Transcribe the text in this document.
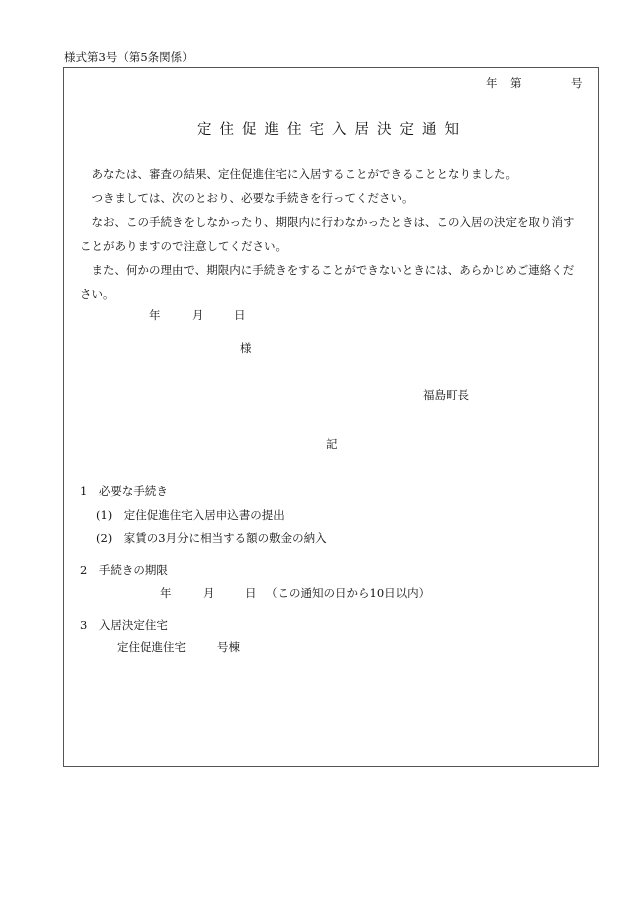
様式第3号（第5条関係）
年 第	号
定住促進住宅入居決定通知

　あなたは、審査の結果、定住促進住宅に入居することができることとなりました。

　つきましては、次のとおり、必要な手続きを行ってください。

　なお、この手続きをしなかったり、期限内に行わなかったときは、この入居の決定を取り消すことがありますので注意してください。

　また、何かの理由で、期限内に手続きをすることができないときには、あらかじめご連絡ください。

年	月	日
様
福島町長
記
1　必要な手続き
(1)　定住促進住宅入居申込書の提出
(2)　家賃の3月分に相当する額の敷金の納入
2　手続きの期限
年	月	日 （この通知の日から10日以内）
3　入居決定住宅
定住促進住宅	号棟
